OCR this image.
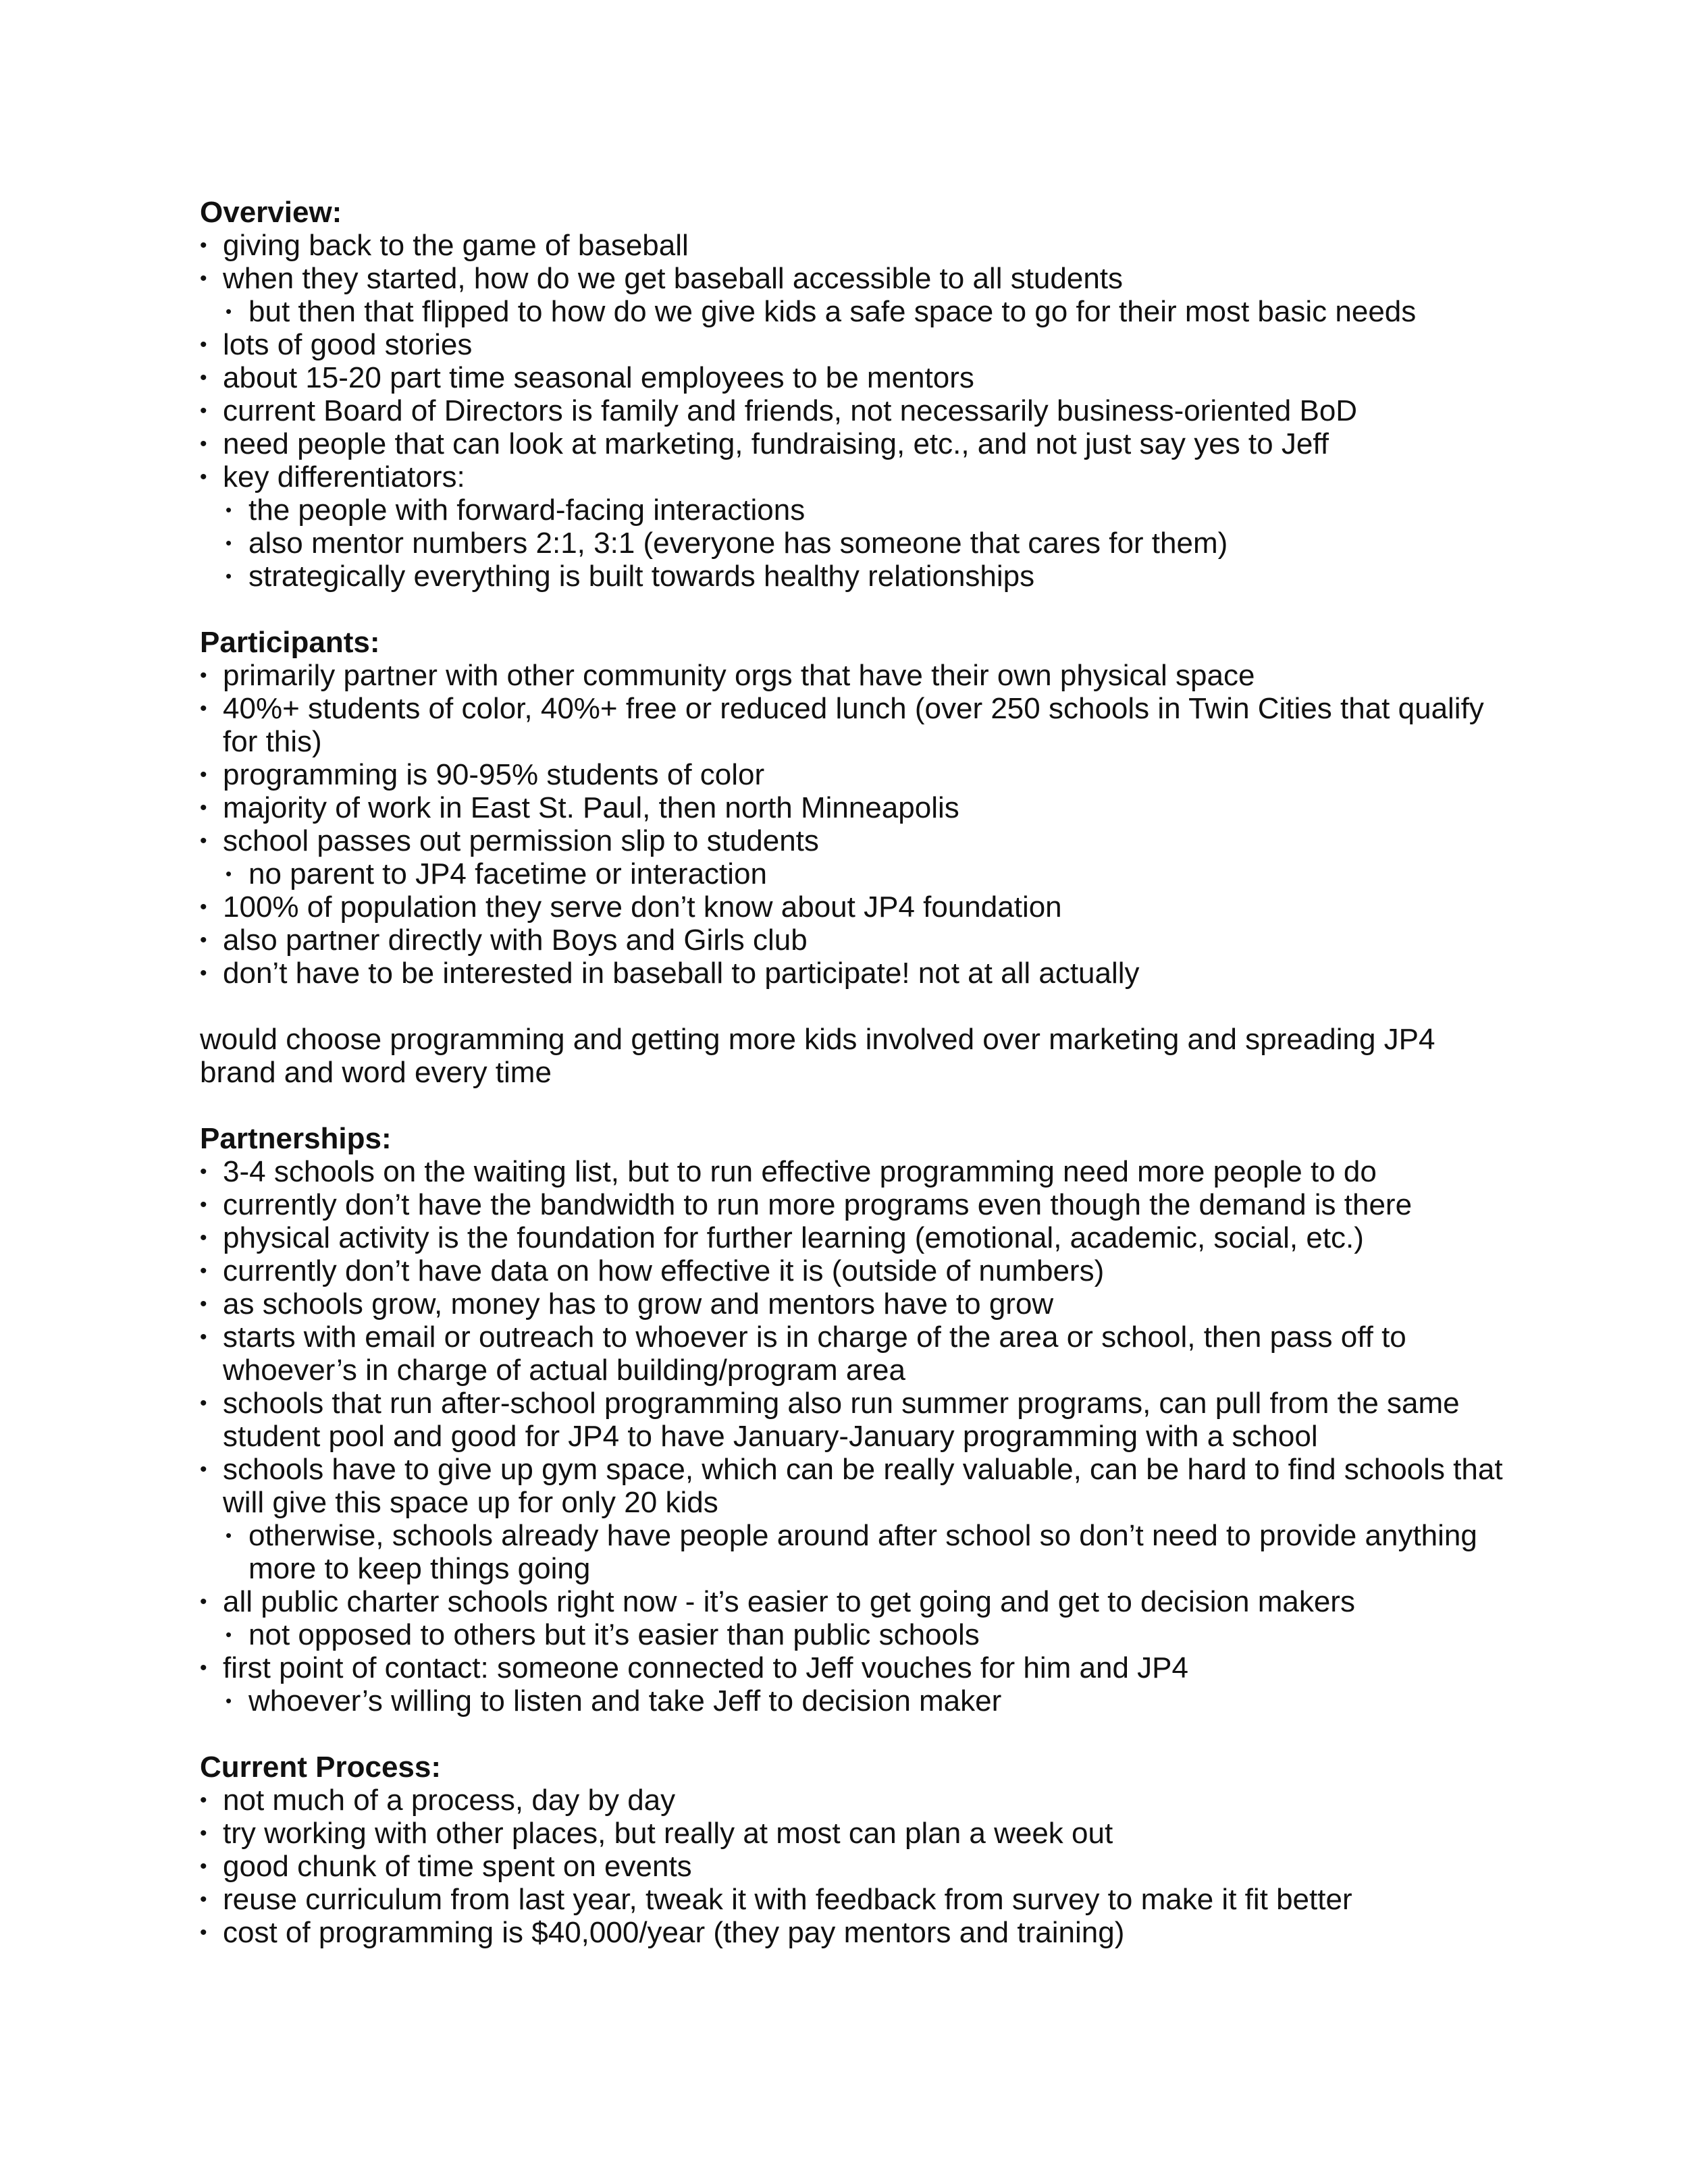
Overview:

• giving back to the game of baseball
• when they started, how do we get baseball accessible to all students
• but then that flipped to how do we give kids a safe space to go for their most basic needs
• lots of good stories
• about 15-20 part time seasonal employees to be mentors
• current Board of Directors is family and friends, not necessarily business-oriented BoD
• need people that can look at marketing, fundraising, etc., and not just say yes to Jeff
• key differentiators:
• the people with forward-facing interactions
• also mentor numbers 2:1, 3:1 (everyone has someone that cares for them)
• strategically everything is built towards healthy relationships

Participants:

• primarily partner with other community orgs that have their own physical space
• 40%+ students of color, 40%+ free or reduced lunch (over 250 schools in Twin Cities that qualify for this)
• programming is 90-95% students of color
• majority of work in East St. Paul, then north Minneapolis
• school passes out permission slip to students
• no parent to JP4 facetime or interaction
• 100% of population they serve don’t know about JP4 foundation
• also partner directly with Boys and Girls club
• don’t have to be interested in baseball to participate! not at all actually

would choose programming and getting more kids involved over marketing and spreading JP4 brand and word every time

Partnerships:

• 3-4 schools on the waiting list, but to run effective programming need more people to do
• currently don’t have the bandwidth to run more programs even though the demand is there
• physical activity is the foundation for further learning (emotional, academic, social, etc.)
• currently don’t have data on how effective it is (outside of numbers)
• as schools grow, money has to grow and mentors have to grow
• starts with email or outreach to whoever is in charge of the area or school, then pass off to whoever’s in charge of actual building/program area
• schools that run after-school programming also run summer programs, can pull from the same student pool and good for JP4 to have January-January programming with a school
• schools have to give up gym space, which can be really valuable, can be hard to find schools that will give this space up for only 20 kids
• otherwise, schools already have people around after school so don’t need to provide anything more to keep things going
• all public charter schools right now - it’s easier to get going and get to decision makers
• not opposed to others but it’s easier than public schools
• first point of contact: someone connected to Jeff vouches for him and JP4
• whoever’s willing to listen and take Jeff to decision maker

Current Process:

• not much of a process, day by day
• try working with other places, but really at most can plan a week out
• good chunk of time spent on events
• reuse curriculum from last year, tweak it with feedback from survey to make it fit better
• cost of programming is $40,000/year (they pay mentors and training)
